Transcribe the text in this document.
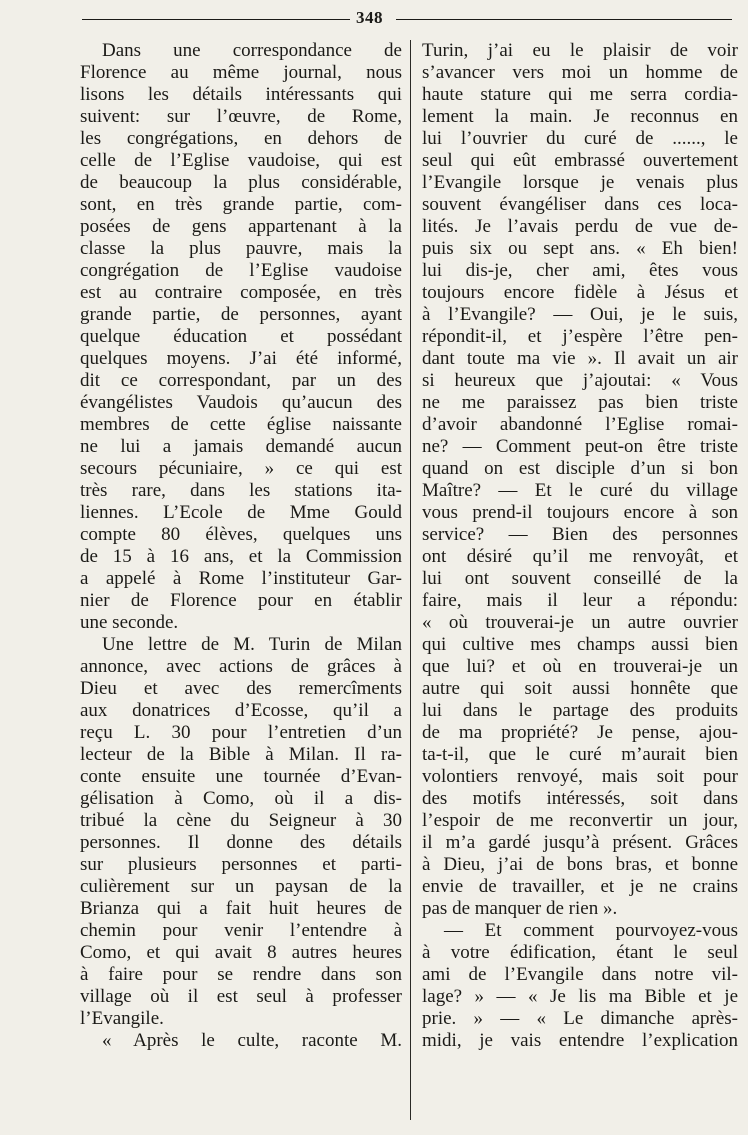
348
Dans une correspondance de
Florence au même journal, nous
lisons les détails intéressants qui
suivent: sur l’œuvre, de Rome,
les congrégations, en dehors de
celle de l’Eglise vaudoise, qui est
de beaucoup la plus considérable,
sont, en très grande partie, com-
posées de gens appartenant à la
classe la plus pauvre, mais la
congrégation de l’Eglise vaudoise
est au contraire composée, en très
grande partie, de personnes, ayant
quelque éducation et possédant
quelques moyens. J’ai été informé,
dit ce correspondant, par un des
évangélistes Vaudois qu’aucun des
membres de cette église naissante
ne lui a jamais demandé aucun
secours pécuniaire, » ce qui est
très rare, dans les stations ita-
liennes. L’Ecole de Mme Gould
compte 80 élèves, quelques uns
de 15 à 16 ans, et la Commission
a appelé à Rome l’instituteur Gar-
nier de Florence pour en établir
une seconde.
Une lettre de M. Turin de Milan
annonce, avec actions de grâces à
Dieu et avec des remercîments
aux donatrices d’Ecosse, qu’il a
reçu L. 30 pour l’entretien d’un
lecteur de la Bible à Milan. Il ra-
conte ensuite une tournée d’Evan-
gélisation à Como, où il a dis-
tribué la cène du Seigneur à 30
personnes. Il donne des détails
sur plusieurs personnes et parti-
culièrement sur un paysan de la
Brianza qui a fait huit heures de
chemin pour venir l’entendre à
Como, et qui avait 8 autres heures
à faire pour se rendre dans son
village où il est seul à professer
l’Evangile.
« Après le culte, raconte M.
Turin, j’ai eu le plaisir de voir
s’avancer vers moi un homme de
haute stature qui me serra cordia-
lement la main. Je reconnus en
lui l’ouvrier du curé de ......, le
seul qui eût embrassé ouvertement
l’Evangile lorsque je venais plus
souvent évangéliser dans ces loca-
lités. Je l’avais perdu de vue de-
puis six ou sept ans. « Eh bien!
lui dis-je, cher ami, êtes vous
toujours encore fidèle à Jésus et
à l’Evangile? — Oui, je le suis,
répondit-il, et j’espère l’être pen-
dant toute ma vie ». Il avait un air
si heureux que j’ajoutai: « Vous
ne me paraissez pas bien triste
d’avoir abandonné l’Eglise romai-
ne? — Comment peut-on être triste
quand on est disciple d’un si bon
Maître? — Et le curé du village
vous prend-il toujours encore à son
service? — Bien des personnes
ont désiré qu’il me renvoyât, et
lui ont souvent conseillé de la
faire, mais il leur a répondu:
« où trouverai-je un autre ouvrier
qui cultive mes champs aussi bien
que lui? et où en trouverai-je un
autre qui soit aussi honnête que
lui dans le partage des produits
de ma propriété? Je pense, ajou-
ta-t-il, que le curé m’aurait bien
volontiers renvoyé, mais soit pour
des motifs intéressés, soit dans
l’espoir de me reconvertir un jour,
il m’a gardé jusqu’à présent. Grâces
à Dieu, j’ai de bons bras, et bonne
envie de travailler, et je ne crains
pas de manquer de rien ».
— Et comment pourvoyez-vous
à votre édification, étant le seul
ami de l’Evangile dans notre vil-
lage? » — « Je lis ma Bible et je
prie. » — « Le dimanche après-
midi, je vais entendre l’explication
